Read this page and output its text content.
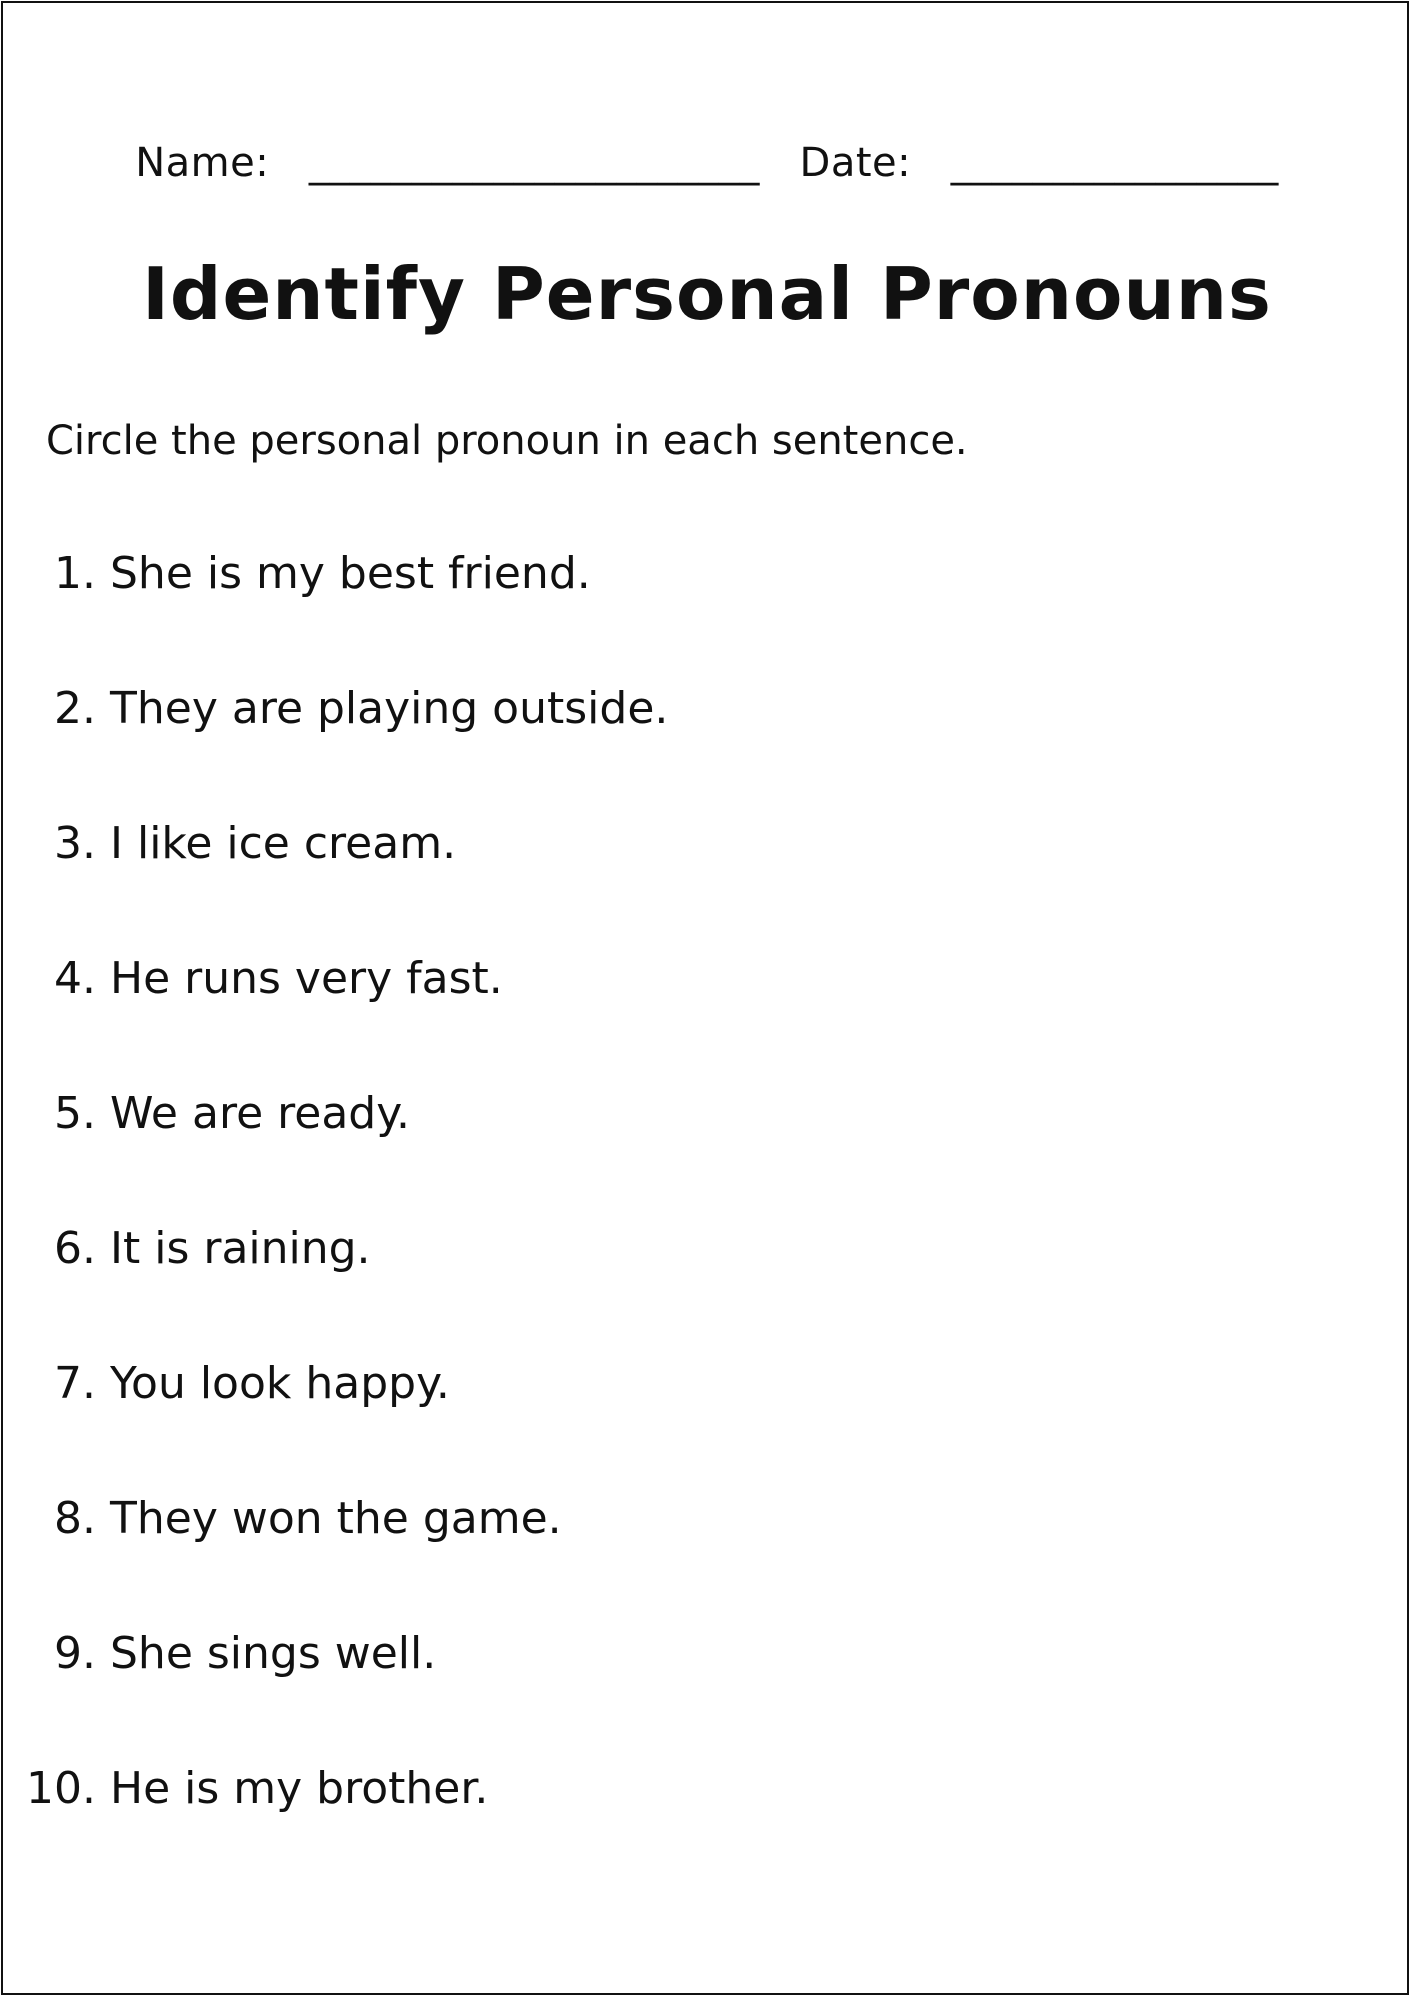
Name: ______________________ Date: ________________
Identify Personal Pronouns
Circle the personal pronoun in each sentence.
1. She is my best friend.
2. They are playing outside.
3. I like ice cream.
4. He runs very fast.
5. We are ready.
6. It is raining.
7. You look happy.
8. They won the game.
9. She sings well.
10. He is my brother.
